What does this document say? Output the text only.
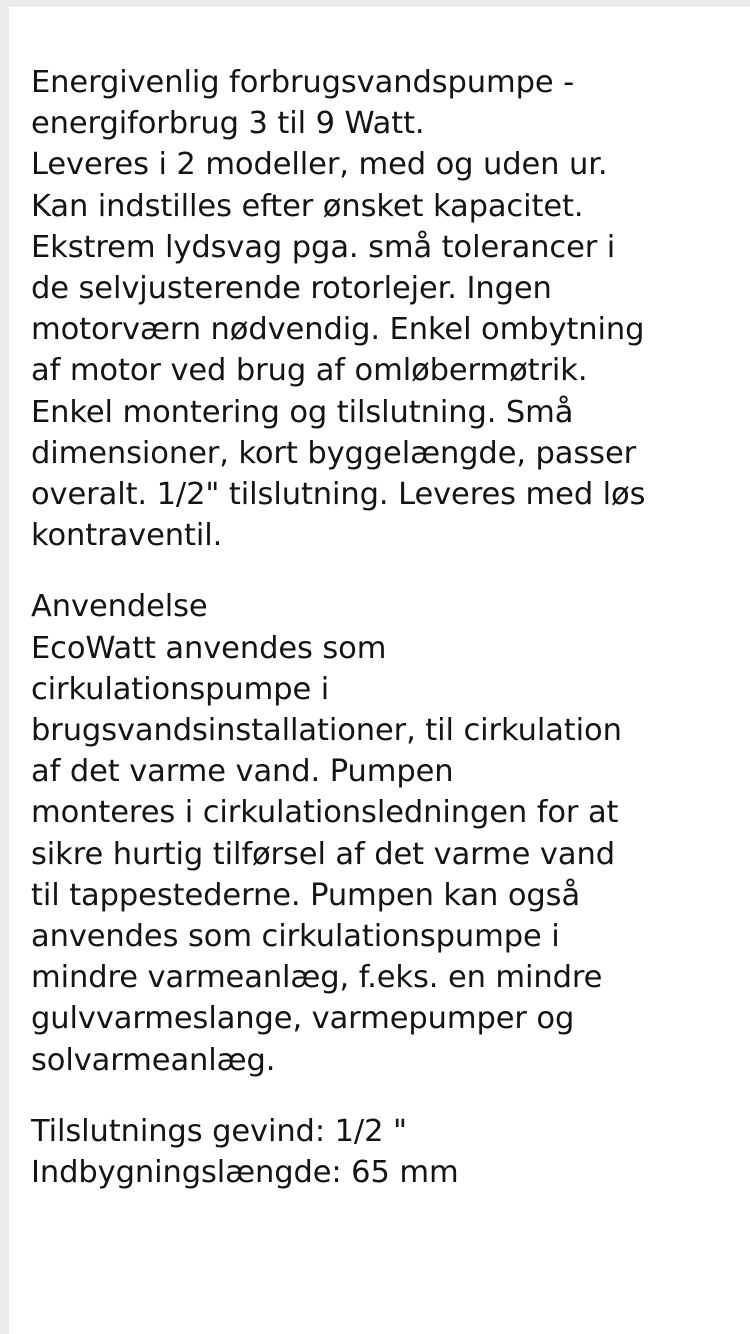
Energivenlig forbrugsvandspumpe -
energiforbrug 3 til 9 Watt.
Leveres i 2 modeller, med og uden ur.
Kan indstilles efter ønsket kapacitet.
Ekstrem lydsvag pga. små tolerancer i
de selvjusterende rotorlejer. Ingen
motorværn nødvendig. Enkel ombytning
af motor ved brug af omløbermøtrik.
Enkel montering og tilslutning. Små
dimensioner, kort byggelængde, passer
overalt. 1/2" tilslutning. Leveres med løs
kontraventil.
Anvendelse
EcoWatt anvendes som
cirkulationspumpe i
brugsvandsinstallationer, til cirkulation
af det varme vand. Pumpen
monteres i cirkulationsledningen for at
sikre hurtig tilførsel af det varme vand
til tappestederne. Pumpen kan også
anvendes som cirkulationspumpe i
mindre varmeanlæg, f.eks. en mindre
gulvvarmeslange, varmepumper og
solvarmeanlæg.
Tilslutnings gevind: 1/2 "
Indbygningslængde: 65 mm
